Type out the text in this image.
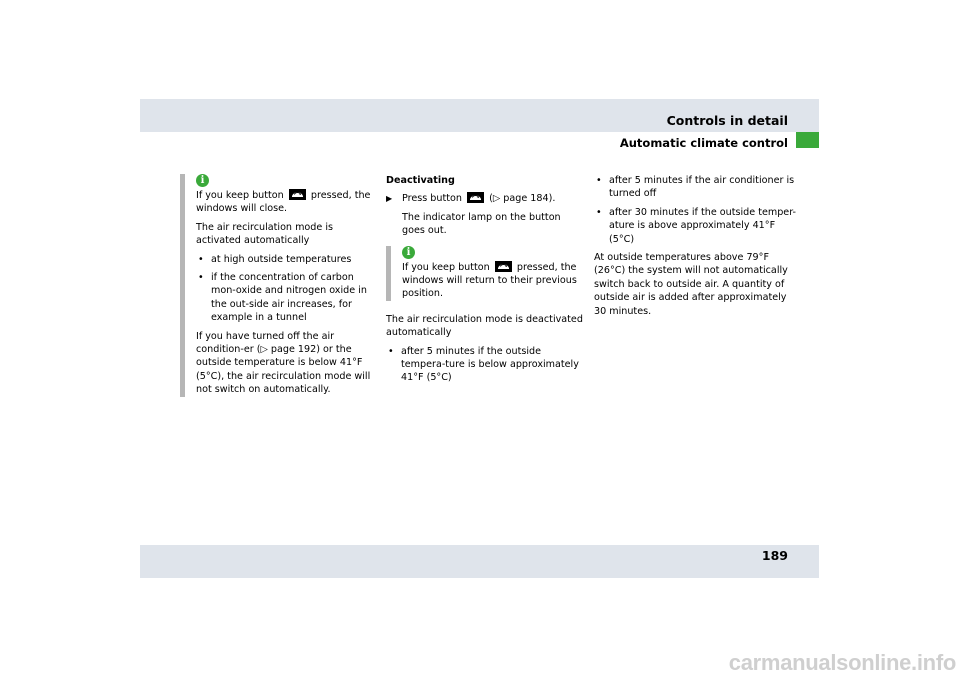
Controls in detail
Automatic climate control
i

If you keep button	pressed, the windows will close.

The air recirculation mode is activated automatically

• at high outside temperatures
• if the concentration of carbon mon-oxide and nitrogen oxide in the out-side air increases, for example in a tunnel

If you have turned off the air condition-er (▷ page 192) or the outside temperature is below 41°F (5°C), the air recirculation mode will not switch on automatically.

Deactivating
▶ Press button	(▷ page 184).
The indicator lamp on the button goes out.
i

If you keep button	pressed, the windows will return to their previous position.

The air recirculation mode is deactivated automatically

• after 5 minutes if the outside tempera-ture is below approximately 41°F (5°C)
• after 5 minutes if the air conditioner is turned off
• after 30 minutes if the outside temper-ature is above approximately 41°F (5°C)

At outside temperatures above 79°F (26°C) the system will not automatically switch back to outside air. A quantity of outside air is added after approximately 30 minutes.

189
carmanualsonline.info
